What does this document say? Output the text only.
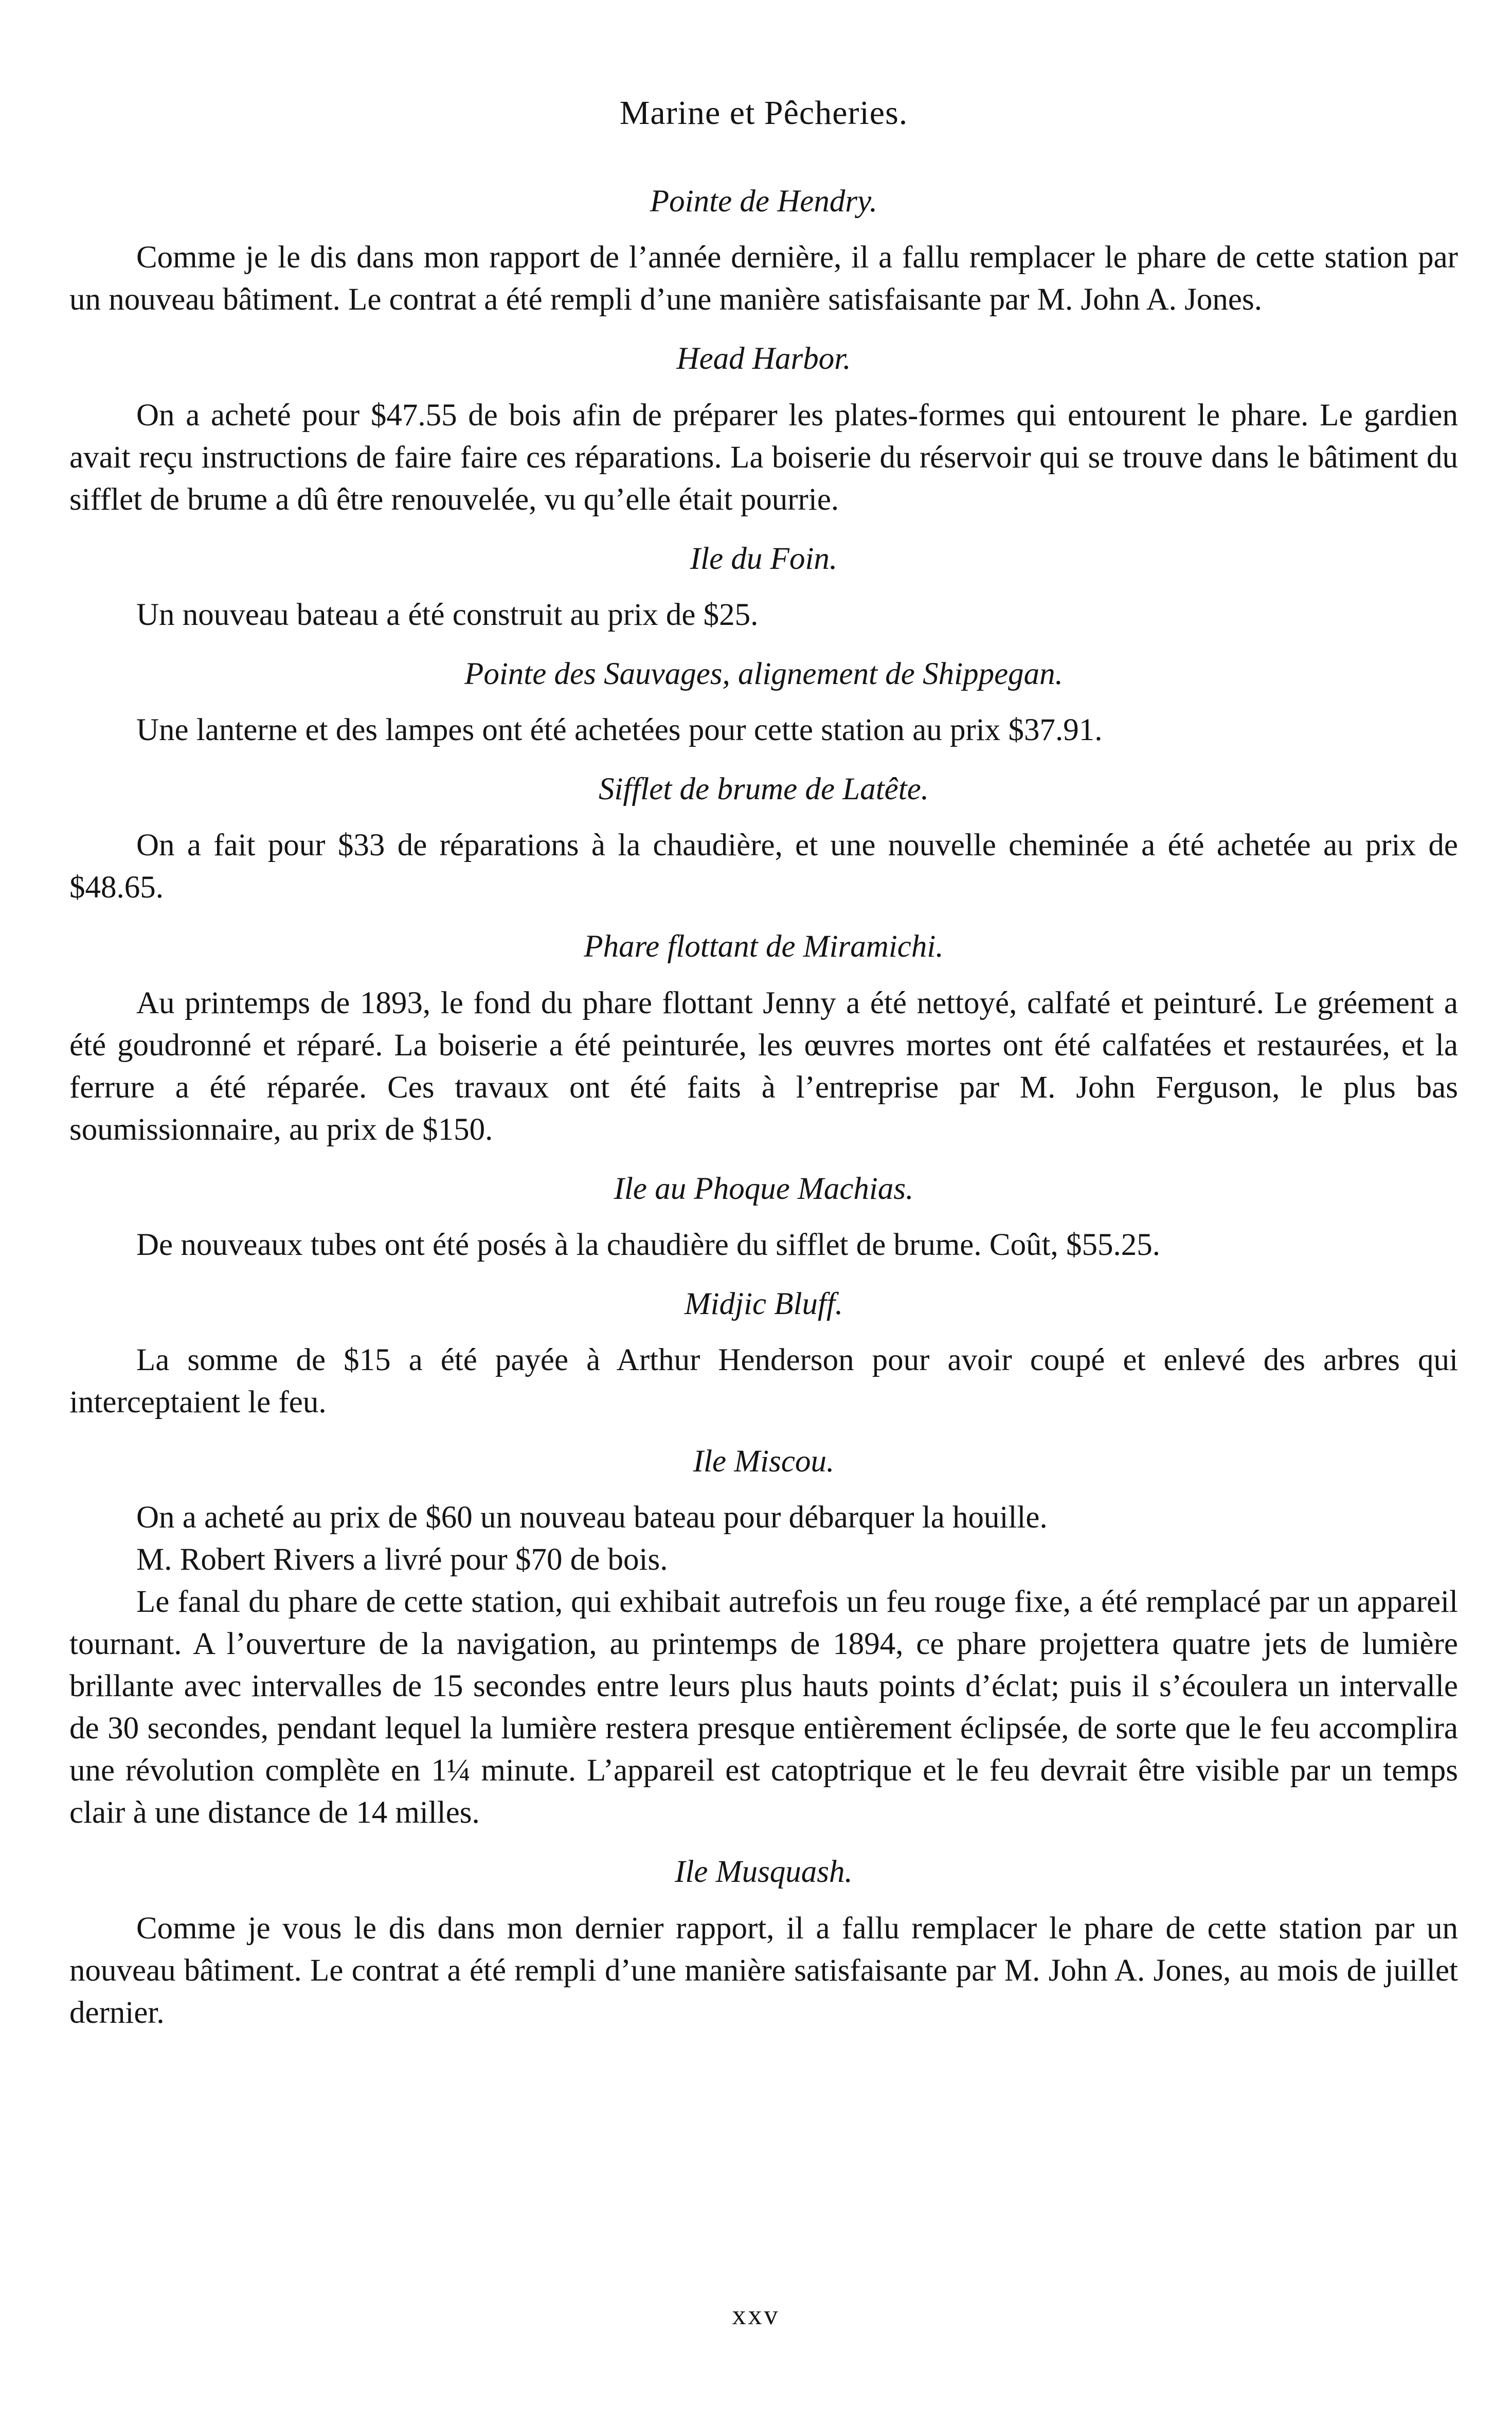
Marine et Pêcheries.
Pointe de Hendry.

Comme je le dis dans mon rapport de l’année dernière, il a fallu remplacer le phare de cette station par un nouveau bâtiment. Le contrat a été rempli d’une manière satisfaisante par M. John A. Jones.

Head Harbor.

On a acheté pour $47.55 de bois afin de préparer les plates-formes qui entourent le phare. Le gardien avait reçu instructions de faire faire ces réparations. La boiserie du réservoir qui se trouve dans le bâtiment du sifflet de brume a dû être renouvelée, vu qu’elle était pourrie.

Ile du Foin.

Un nouveau bateau a été construit au prix de $25.

Pointe des Sauvages, alignement de Shippegan.

Une lanterne et des lampes ont été achetées pour cette station au prix $37.91.

Sifflet de brume de Latête.

On a fait pour $33 de réparations à la chaudière, et une nouvelle cheminée a été achetée au prix de $48.65.

Phare flottant de Miramichi.

Au printemps de 1893, le fond du phare flottant Jenny a été nettoyé, calfaté et peinturé. Le gréement a été goudronné et réparé. La boiserie a été peinturée, les œuvres mortes ont été calfatées et restaurées, et la ferrure a été réparée. Ces travaux ont été faits à l’entreprise par M. John Ferguson, le plus bas soumissionnaire, au prix de $150.

Ile au Phoque Machias.

De nouveaux tubes ont été posés à la chaudière du sifflet de brume. Coût, $55.25.

Midjic Bluff.

La somme de $15 a été payée à Arthur Henderson pour avoir coupé et enlevé des arbres qui interceptaient le feu.

Ile Miscou.

On a acheté au prix de $60 un nouveau bateau pour débarquer la houille.

M. Robert Rivers a livré pour $70 de bois.

Le fanal du phare de cette station, qui exhibait autrefois un feu rouge fixe, a été remplacé par un appareil tournant. A l’ouverture de la navigation, au printemps de 1894, ce phare projettera quatre jets de lumière brillante avec intervalles de 15 secondes entre leurs plus hauts points d’éclat; puis il s’écoulera un intervalle de 30 secondes, pendant lequel la lumière restera presque entièrement éclipsée, de sorte que le feu accomplira une révolution complète en 1¼ minute. L’appareil est catoptrique et le feu devrait être visible par un temps clair à une distance de 14 milles.

Ile Musquash.

Comme je vous le dis dans mon dernier rapport, il a fallu remplacer le phare de cette station par un nouveau bâtiment. Le contrat a été rempli d’une manière satisfaisante par M. John A. Jones, au mois de juillet dernier.

xxv
